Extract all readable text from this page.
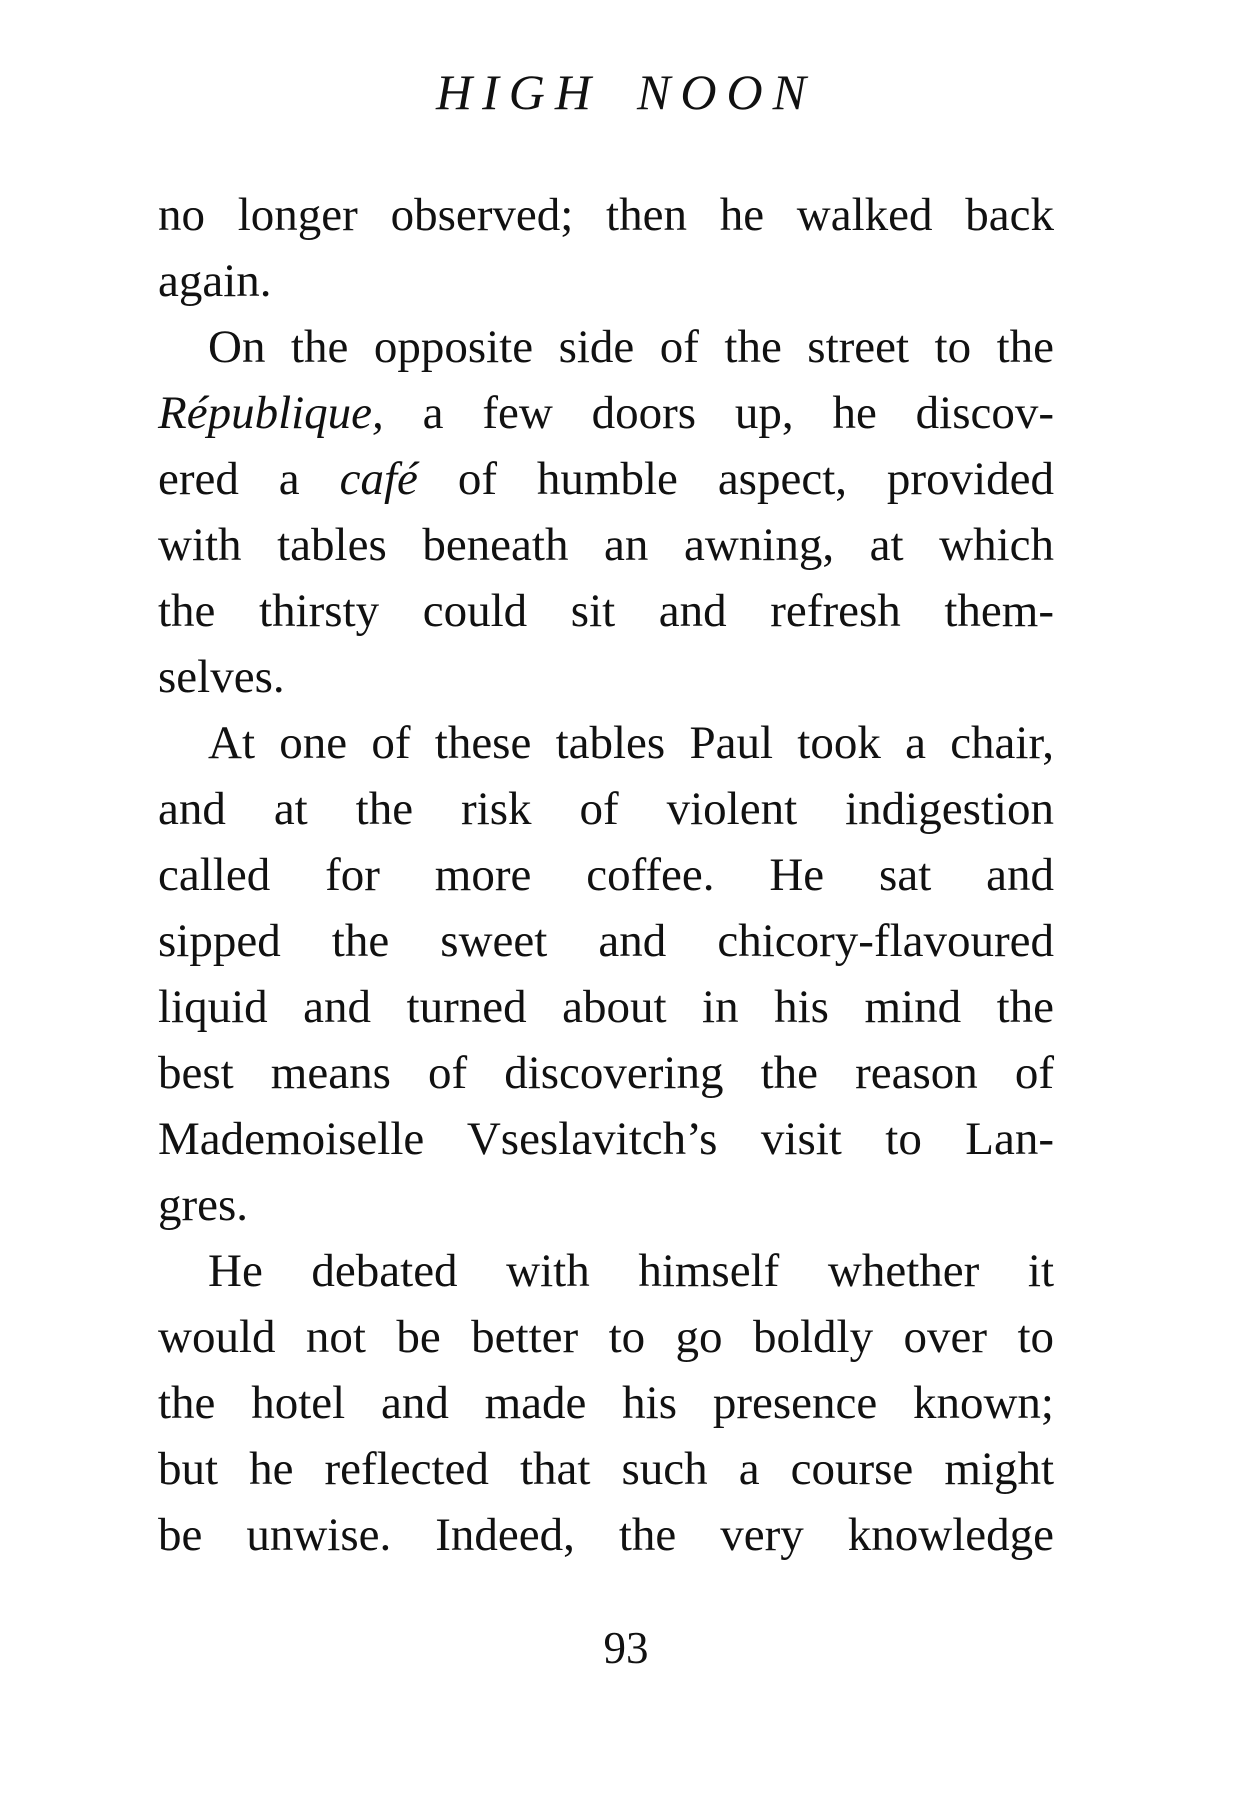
HIGH NOON
no longer observed; then he walked back
again.
On the opposite side of the street to the
République, a few doors up, he discov-
ered a café of humble aspect, provided
with tables beneath an awning, at which
the thirsty could sit and refresh them-
selves.
At one of these tables Paul took a chair,
and at the risk of violent indigestion
called for more coffee. He sat and
sipped the sweet and chicory-flavoured
liquid and turned about in his mind the
best means of discovering the reason of
Mademoiselle Vseslavitch’s visit to Lan-
gres.
He debated with himself whether it
would not be better to go boldly over to
the hotel and made his presence known;
but he reflected that such a course might
be unwise. Indeed, the very knowledge
93
